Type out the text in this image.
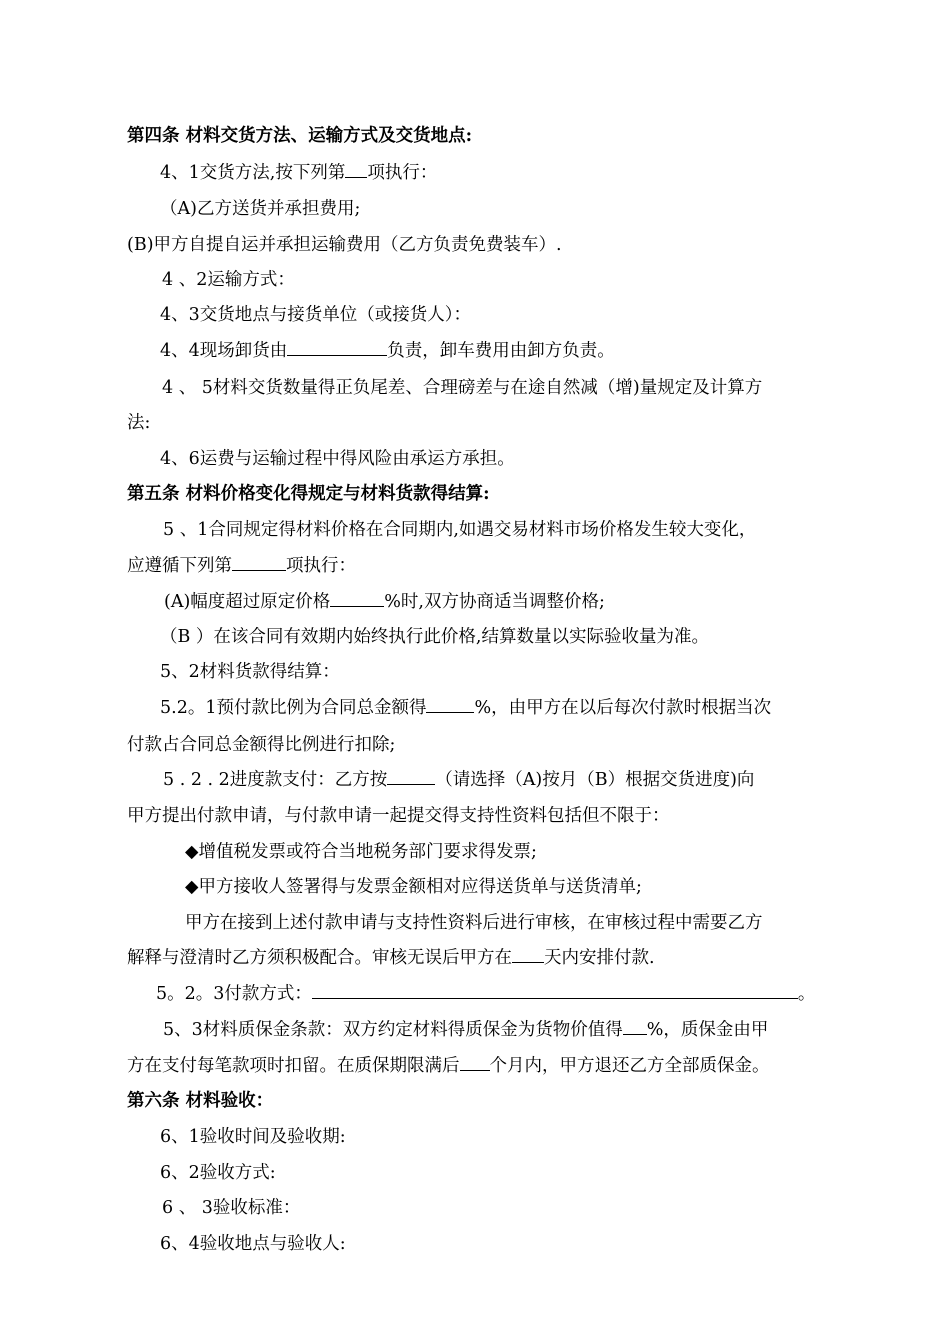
第四条 材料交货方法、运输方式及交货地点:
4、1交货方法,按下列第 项执行：
（A)乙方送货并承担费用;
(B)甲方自提自运并承担运输费用（乙方负责免费装车）.
4 、2运输方式：
4、3交货地点与接货单位（或接货人）：
4、4现场卸货由	负责，卸车费用由卸方负责。
4 、 5材料交货数量得正负尾差、合理磅差与在途自然减（增)量规定及计算方
法:
4、6运费与运输过程中得风险由承运方承担。
第五条 材料价格变化得规定与材料货款得结算:
5 、1合同规定得材料价格在合同期内,如遇交易材料市场价格发生较大变化，
应遵循下列第	项执行：
(A)幅度超过原定价格	%时,双方协商适当调整价格;
（B ）在该合同有效期内始终执行此价格,结算数量以实际验收量为准。
5、2材料货款得结算：
5.2。1预付款比例为合同总金额得	%，由甲方在以后每次付款时根据当次
付款占合同总金额得比例进行扣除;
5 . 2 . 2进度款支付：乙方按	（请选择（A)按月（B）根据交货进度)向
甲方提出付款申请，与付款申请一起提交得支持性资料包括但不限于：
◆增值税发票或符合当地税务部门要求得发票;
◆甲方接收人签署得与发票金额相对应得送货单与送货清单;
甲方在接到上述付款申请与支持性资料后进行审核，在审核过程中需要乙方
解释与澄清时乙方须积极配合。审核无误后甲方在 天内安排付款.
5。2。3付款方式：	。
5、3材料质保金条款：双方约定材料得质保金为货物价值得 %，质保金由甲
方在支付每笔款项时扣留。在质保期限满后 个月内，甲方退还乙方全部质保金。
第六条 材料验收：
6、1验收时间及验收期:
6、2验收方式:
6 、 3验收标准：
6、4验收地点与验收人:
